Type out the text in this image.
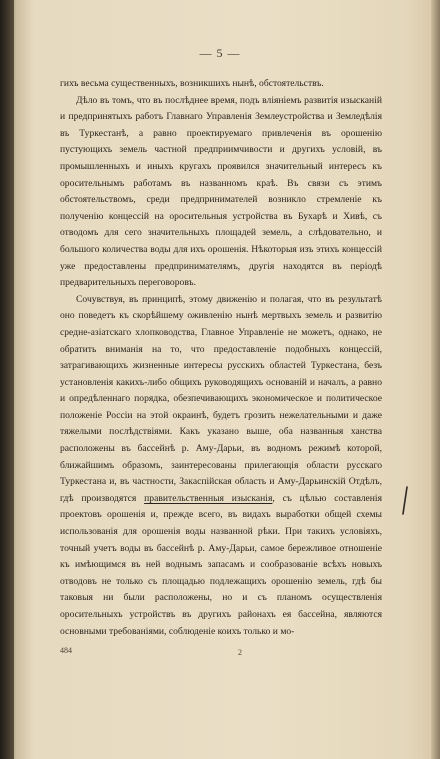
— 5 —

гихъ весьма существенныхъ, возникшихъ нынѣ, обстоятельствъ.

Дѣло въ томъ, что въ послѣднее время, подъ вліяніемъ развитія изысканій и предпринятыхъ работъ Главнаго Управленія Землеустройства и Земледѣлія въ Туркестанѣ, а равно проектируемаго привлеченія въ орошенію пустующихъ земель частной предприимчивости и другихъ условій, въ промышленныхъ и иныхъ кругахъ проявился значительный интересъ къ оросительнымъ работамъ въ названномъ краѣ. Въ связи съ этимъ обстоятельствомъ, среди предпринимателей возникло стремленіе къ полученію концессій на оросительныя устройства въ Бухарѣ и Хивѣ, съ отводомъ для сего значительныхъ площадей земель, а слѣдовательно, и большого количества воды для ихъ орошенія. Нѣкоторыя изъ этихъ концессій уже предоставлены предпринимателямъ, другія находятся въ періодѣ предварительныхъ переговоровъ.

Сочувствуя, въ принципѣ, этому движенію и полагая, что въ результатѣ оно поведетъ къ скорѣйшему оживленію нынѣ мертвыхъ земель и развитію средне-азіатскаго хлопководства, Главное Управленіе не можетъ, однако, не обратить вниманія на то, что предоставленіе подобныхъ концессій, затрагивающихъ жизненные интересы русскихъ областей Туркестана, безъ установленія какихъ-либо общихъ руководящихъ основаній и началъ, а равно и опредѣленнаго порядка, обезпечивающихъ экономическое и политическое положеніе Россіи на этой окраинѣ, будетъ грозить нежелательными и даже тяжелыми послѣдствіями. Какъ указано выше, оба названныя ханства расположены въ бассейнѣ р. Аму-Дарьи, въ водномъ режимѣ которой, ближайшимъ образомъ, заинтересованы прилегающія области русскаго Туркестана и, въ частности, Закаспійская область и Аму-Дарьинскій Отдѣлъ, гдѣ производятся правительственныя изысканія, съ цѣлью составленія проектовъ орошенія и, прежде всего, въ видахъ выработки общей схемы использованія для орошенія воды названной рѣки. При такихъ условіяхъ, точный учетъ воды въ бассейнѣ р. Аму-Дарьи, самое бережливое отношеніе къ имѣющимся въ ней воднымъ запасамъ и сообразованіе всѣхъ новыхъ отводовъ не только съ площадью подлежащихъ орошенію земель, гдѣ бы таковыя ни были расположены, но и съ планомъ осуществленія оросительныхъ устройствъ въ другихъ районахъ ея бассейна, являются основными требованіями, соблюденіе коихъ только и мо-

484	2
